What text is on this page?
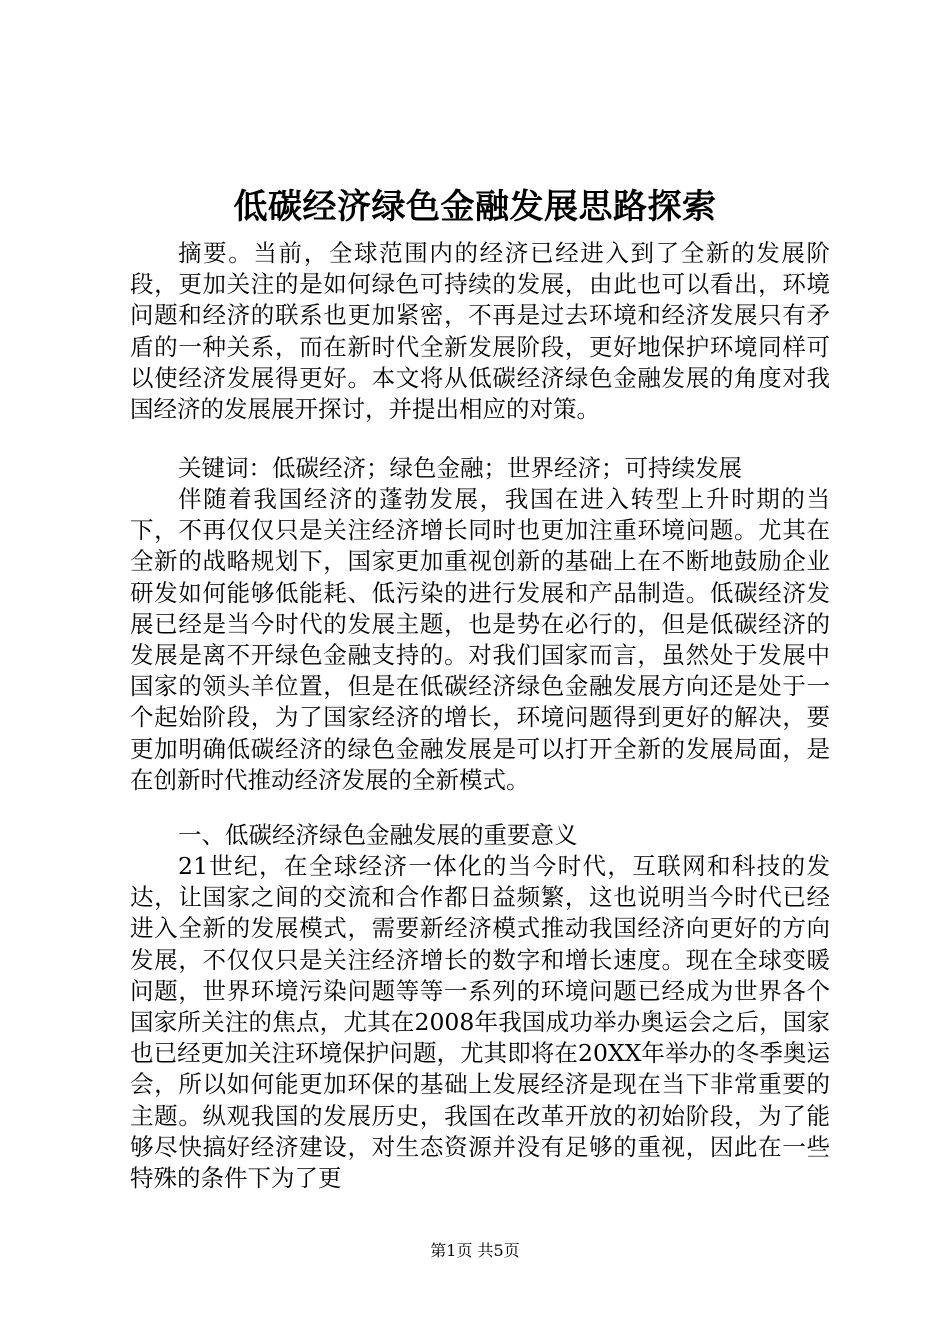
低碳经济绿色金融发展思路探索

摘要。当前，全球范围内的经济已经进入到了全新的发展阶段，更加关注的是如何绿色可持续的发展，由此也可以看出，环境问题和经济的联系也更加紧密，不再是过去环境和经济发展只有矛盾的一种关系，而在新时代全新发展阶段，更好地保护环境同样可以使经济发展得更好。本文将从低碳经济绿色金融发展的角度对我国经济的发展展开探讨，并提出相应的对策。

关键词：低碳经济；绿色金融；世界经济；可持续发展

伴随着我国经济的蓬勃发展，我国在进入转型上升时期的当下，不再仅仅只是关注经济增长同时也更加注重环境问题。尤其在全新的战略规划下，国家更加重视创新的基础上在不断地鼓励企业研发如何能够低能耗、低污染的进行发展和产品制造。低碳经济发展已经是当今时代的发展主题，也是势在必行的，但是低碳经济的发展是离不开绿色金融支持的。对我们国家而言，虽然处于发展中国家的领头羊位置，但是在低碳经济绿色金融发展方向还是处于一个起始阶段，为了国家经济的增长，环境问题得到更好的解决，要更加明确低碳经济的绿色金融发展是可以打开全新的发展局面，是在创新时代推动经济发展的全新模式。

一、低碳经济绿色金融发展的重要意义

21世纪，在全球经济一体化的当今时代，互联网和科技的发达，让国家之间的交流和合作都日益频繁，这也说明当今时代已经进入全新的发展模式，需要新经济模式推动我国经济向更好的方向发展，不仅仅只是关注经济增长的数字和增长速度。现在全球变暖问题，世界环境污染问题等等一系列的环境问题已经成为世界各个国家所关注的焦点，尤其在2008年我国成功举办奥运会之后，国家也已经更加关注环境保护问题，尤其即将在20XX年举办的冬季奥运会，所以如何能更加环保的基础上发展经济是现在当下非常重要的主题。纵观我国的发展历史，我国在改革开放的初始阶段，为了能够尽快搞好经济建设，对生态资源并没有足够的重视，因此在一些特殊的条件下为了更

第1页 共5页
